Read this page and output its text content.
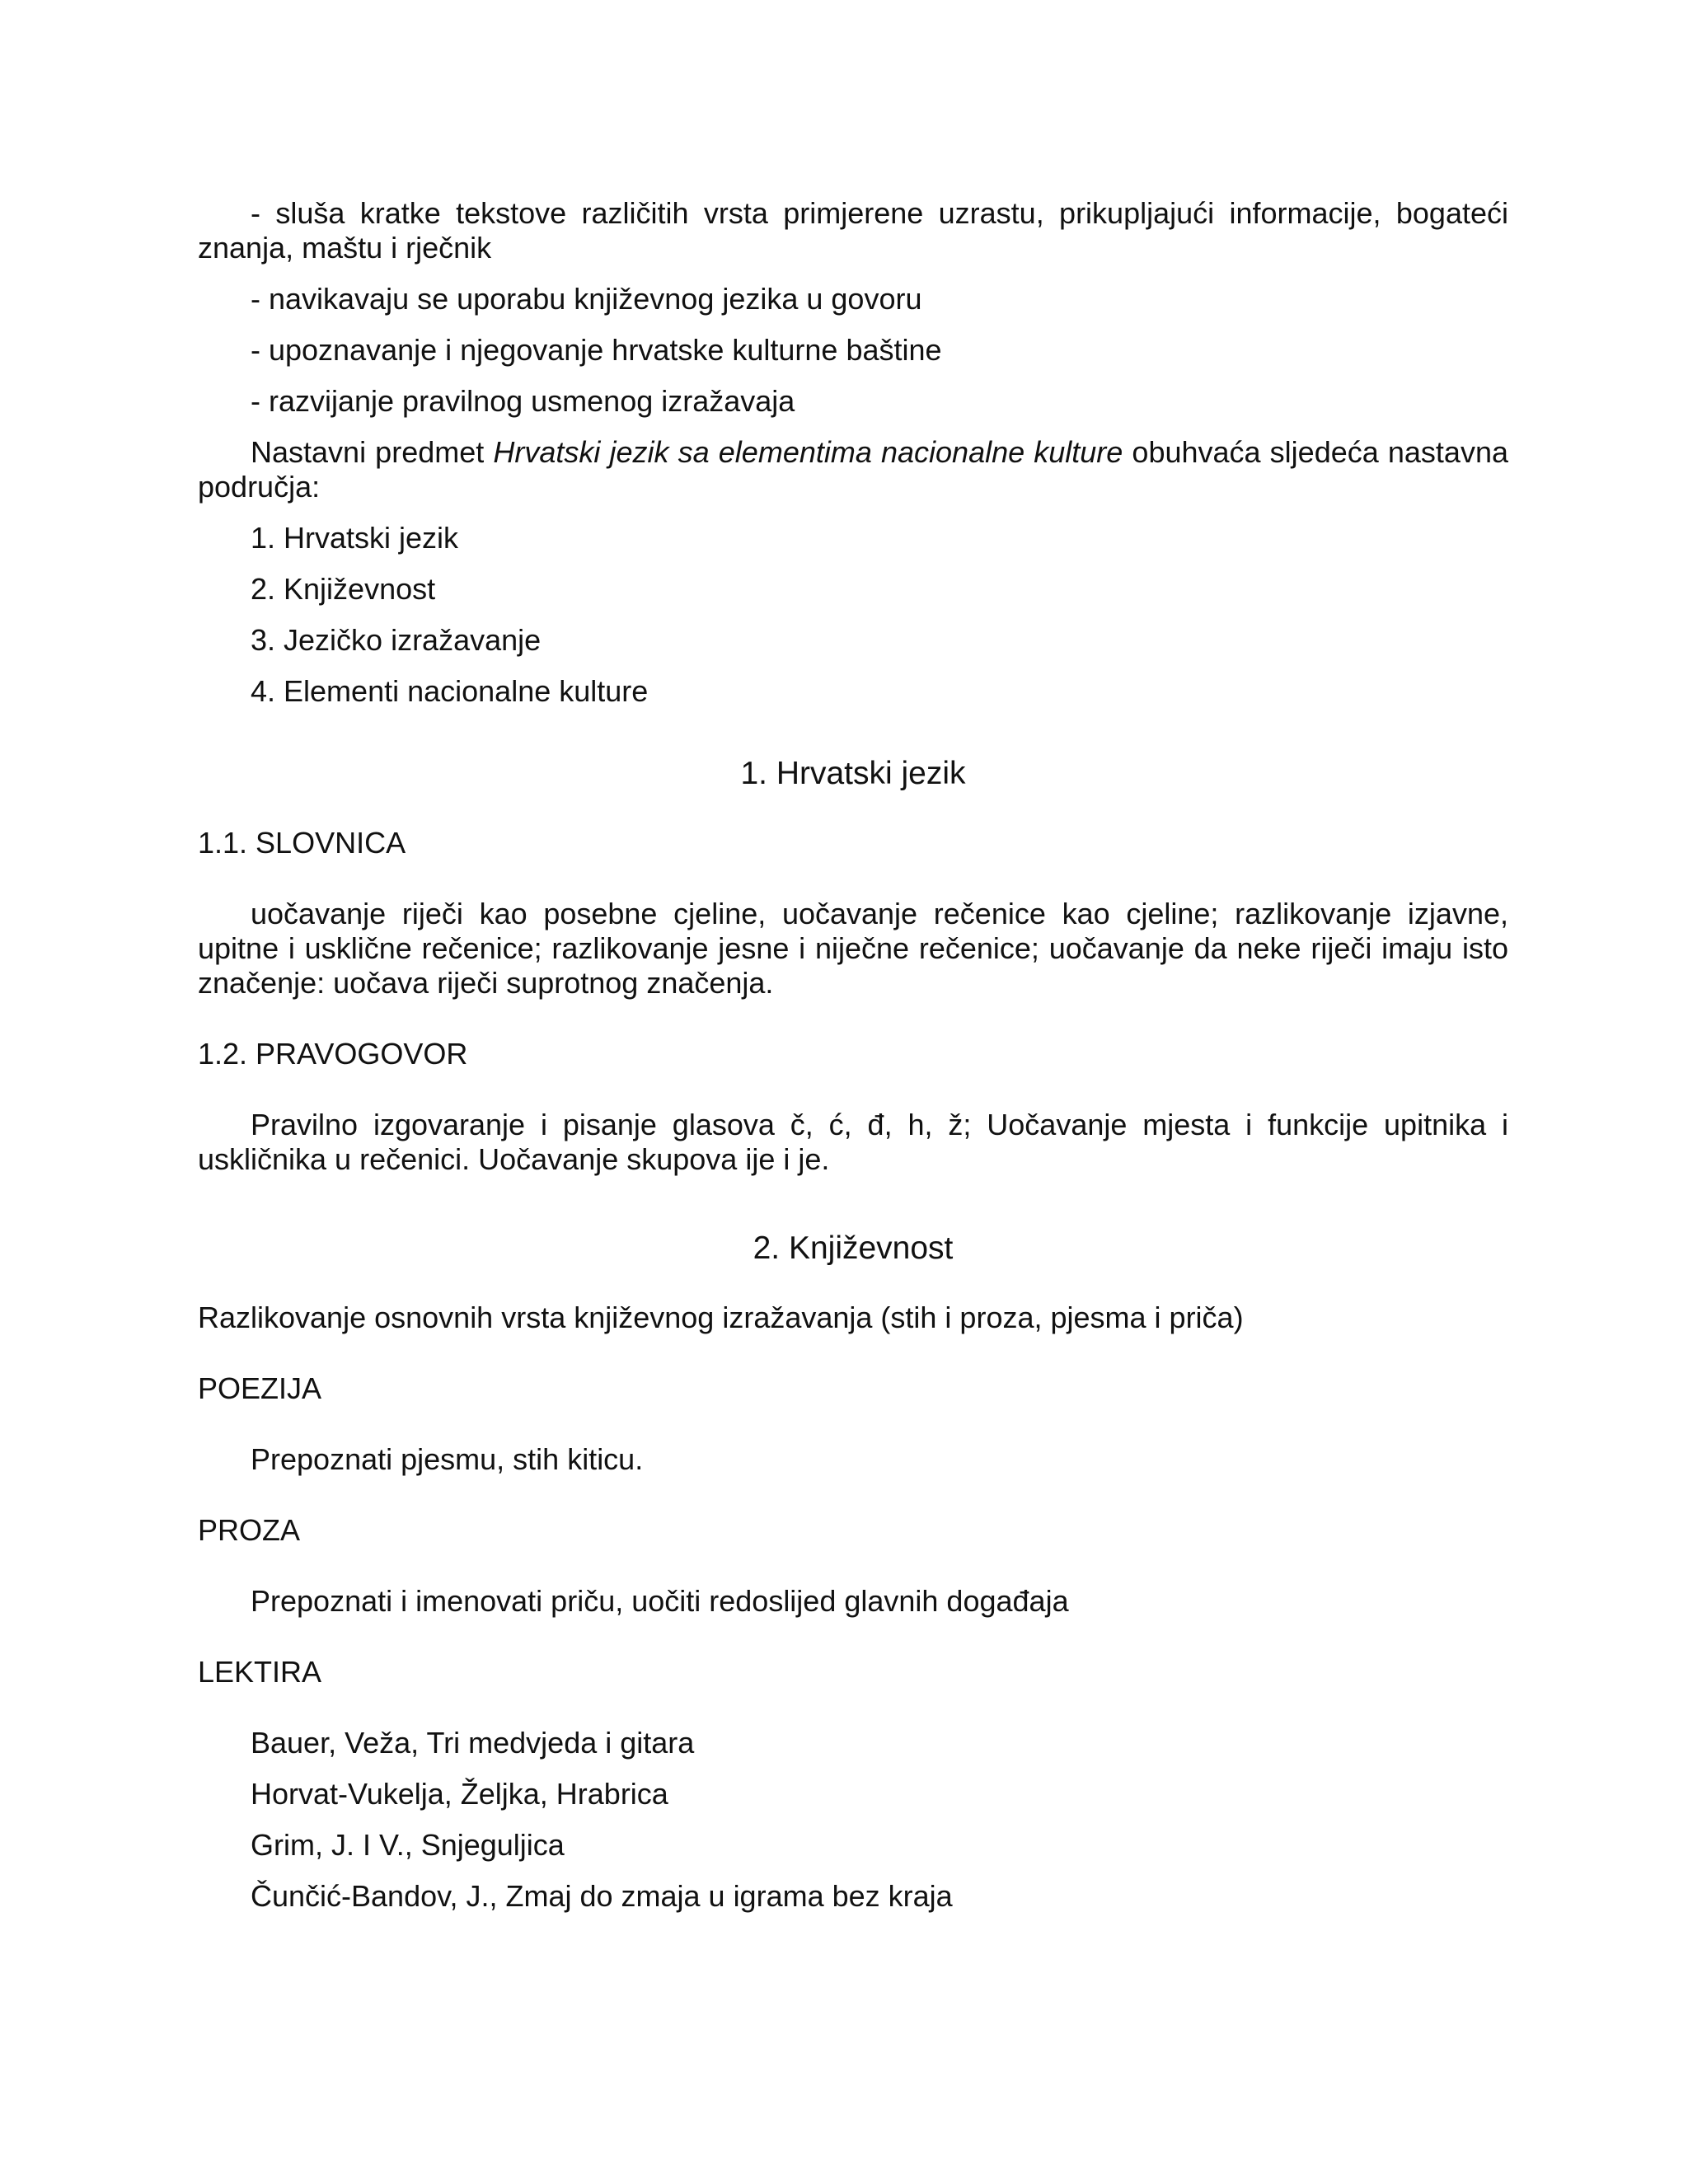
- sluša kratke tekstove različitih vrsta primjerene uzrastu, prikupljajući informacije, bogateći znanja, maštu i rječnik

- navikavaju se uporabu književnog jezika u govoru

- upoznavanje i njegovanje hrvatske kulturne baštine

- razvijanje pravilnog usmenog izražavaja

Nastavni predmet Hrvatski jezik sa elementima nacionalne kulture obuhvaća sljedeća nastavna područja:

1. Hrvatski jezik

2. Književnost

3. Jezičko izražavanje

4. Elementi nacionalne kulture

1. Hrvatski jezik

1.1. SLOVNICA

uočavanje riječi kao posebne cjeline, uočavanje rečenice kao cjeline; razlikovanje izjavne, upitne i usklične rečenice; razlikovanje jesne i niječne rečenice; uočavanje da neke riječi imaju isto značenje: uočava riječi suprotnog značenja.

1.2. PRAVOGOVOR

Pravilno izgovaranje i pisanje glasova č, ć, đ, h, ž; Uočavanje mjesta i funkcije upitnika i uskličnika u rečenici. Uočavanje skupova ije i je.

2. Književnost

Razlikovanje osnovnih vrsta književnog izražavanja (stih i proza, pjesma i priča)

POEZIJA

Prepoznati pjesmu, stih kiticu.

PROZA

Prepoznati i imenovati priču, uočiti redoslijed glavnih događaja

LEKTIRA

Bauer, Veža, Tri medvjeda i gitara

Horvat-Vukelja, Željka, Hrabrica

Grim, J. I V., Snjeguljica

Čunčić-Bandov, J., Zmaj do zmaja u igrama bez kraja
